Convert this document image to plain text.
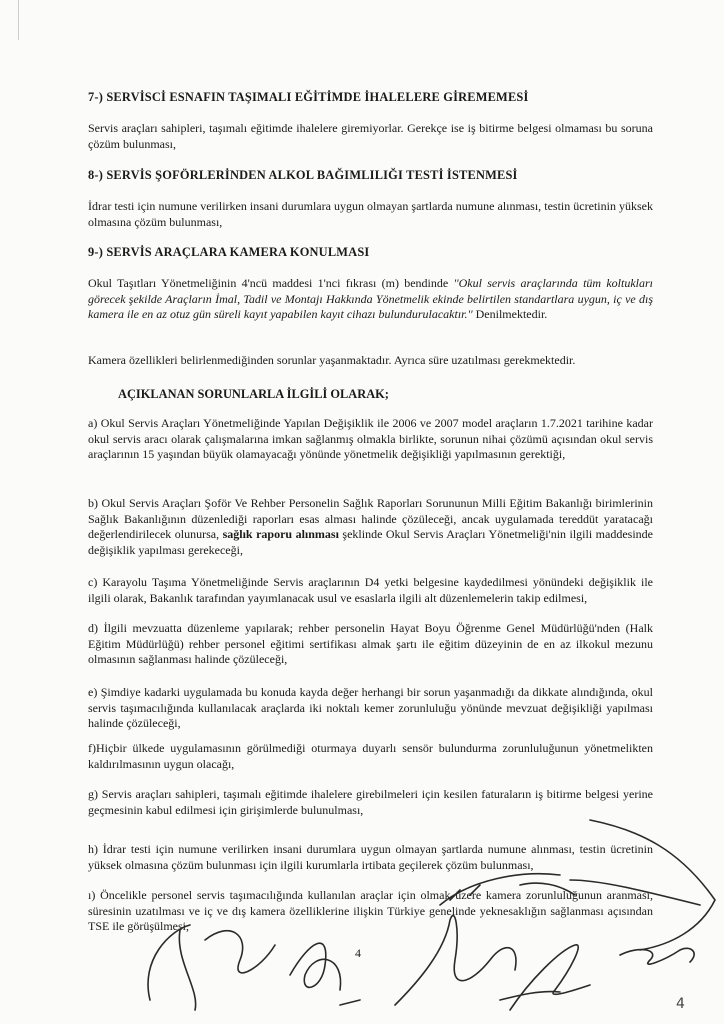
7-) SERVİSCİ ESNAFIN TAŞIMALI EĞİTİMDE İHALELERE GİREMEMESİ
Servis araçları sahipleri, taşımalı eğitimde ihalelere giremiyorlar. Gerekçe ise iş bitirme belgesi olmaması bu soruna çözüm bulunması,
8-) SERVİS ŞOFÖRLERİNDEN ALKOL BAĞIMLILIĞI TESTİ İSTENMESİ
İdrar testi için numune verilirken insani durumlara uygun olmayan şartlarda numune alınması, testin ücretinin yüksek olmasına çözüm bulunması,
9-) SERVİS ARAÇLARA KAMERA KONULMASI
Okul Taşıtları Yönetmeliğinin 4'ncü maddesi 1'nci fıkrası (m) bendinde ''Okul servis araçlarında tüm koltukları görecek şekilde Araçların İmal, Tadil ve Montajı Hakkında Yönetmelik ekinde belirtilen standartlara uygun, iç ve dış kamera ile en az otuz gün süreli kayıt yapabilen kayıt cihazı bulundurulacaktır.'' Denilmektedir.
Kamera özellikleri belirlenmediğinden sorunlar yaşanmaktadır. Ayrıca süre uzatılması gerekmektedir.
AÇIKLANAN SORUNLARLA İLGİLİ OLARAK;
a) Okul Servis Araçları Yönetmeliğinde Yapılan Değişiklik ile 2006 ve 2007 model araçların 1.7.2021 tarihine kadar okul servis aracı olarak çalışmalarına imkan sağlanmış olmakla birlikte, sorunun nihai çözümü açısından okul servis araçlarının 15 yaşından büyük olamayacağı yönünde yönetmelik değişikliği yapılmasının gerektiği,
b) Okul Servis Araçları Şoför Ve Rehber Personelin Sağlık Raporları Sorununun Milli Eğitim Bakanlığı birimlerinin Sağlık Bakanlığının düzenlediği raporları esas alması halinde çözüleceği, ancak uygulamada tereddüt yaratacağı değerlendirilecek olunursa, sağlık raporu alınması şeklinde Okul Servis Araçları Yönetmeliği'nin ilgili maddesinde değişiklik yapılması gerekeceği,
c) Karayolu Taşıma Yönetmeliğinde Servis araçlarının D4 yetki belgesine kaydedilmesi yönündeki değişiklik ile ilgili olarak, Bakanlık tarafından yayımlanacak usul ve esaslarla ilgili alt düzenlemelerin takip edilmesi,
d) İlgili mevzuatta düzenleme yapılarak; rehber personelin Hayat Boyu Öğrenme Genel Müdürlüğü'nden (Halk Eğitim Müdürlüğü) rehber personel eğitimi sertifikası almak şartı ile eğitim düzeyinin de en az ilkokul mezunu olmasının sağlanması halinde çözüleceği,
e) Şimdiye kadarki uygulamada bu konuda kayda değer herhangi bir sorun yaşanmadığı da dikkate alındığında, okul servis taşımacılığında kullanılacak araçlarda iki noktalı kemer zorunluluğu yönünde mevzuat değişikliği yapılması halinde çözüleceği,
f)Hiçbir ülkede uygulamasının görülmediği oturmaya duyarlı sensör bulundurma zorunluluğunun yönetmelikten kaldırılmasının uygun olacağı,
g) Servis araçları sahipleri, taşımalı eğitimde ihalelere girebilmeleri için kesilen faturaların iş bitirme belgesi yerine geçmesinin kabul edilmesi için girişimlerde bulunulması,
h) İdrar testi için numune verilirken insani durumlara uygun olmayan şartlarda numune alınması, testin ücretinin yüksek olmasına çözüm bulunması için ilgili kurumlarla irtibata geçilerek çözüm bulunması,
ı) Öncelikle personel servis taşımacılığında kullanılan araçlar için olmak üzere kamera zorunluluğunun aranması, süresinin uzatılması ve iç ve dış kamera özelliklerine ilişkin Türkiye genelinde yeknesaklığın sağlanması açısından TSE ile görüşülmesi,
4
4
